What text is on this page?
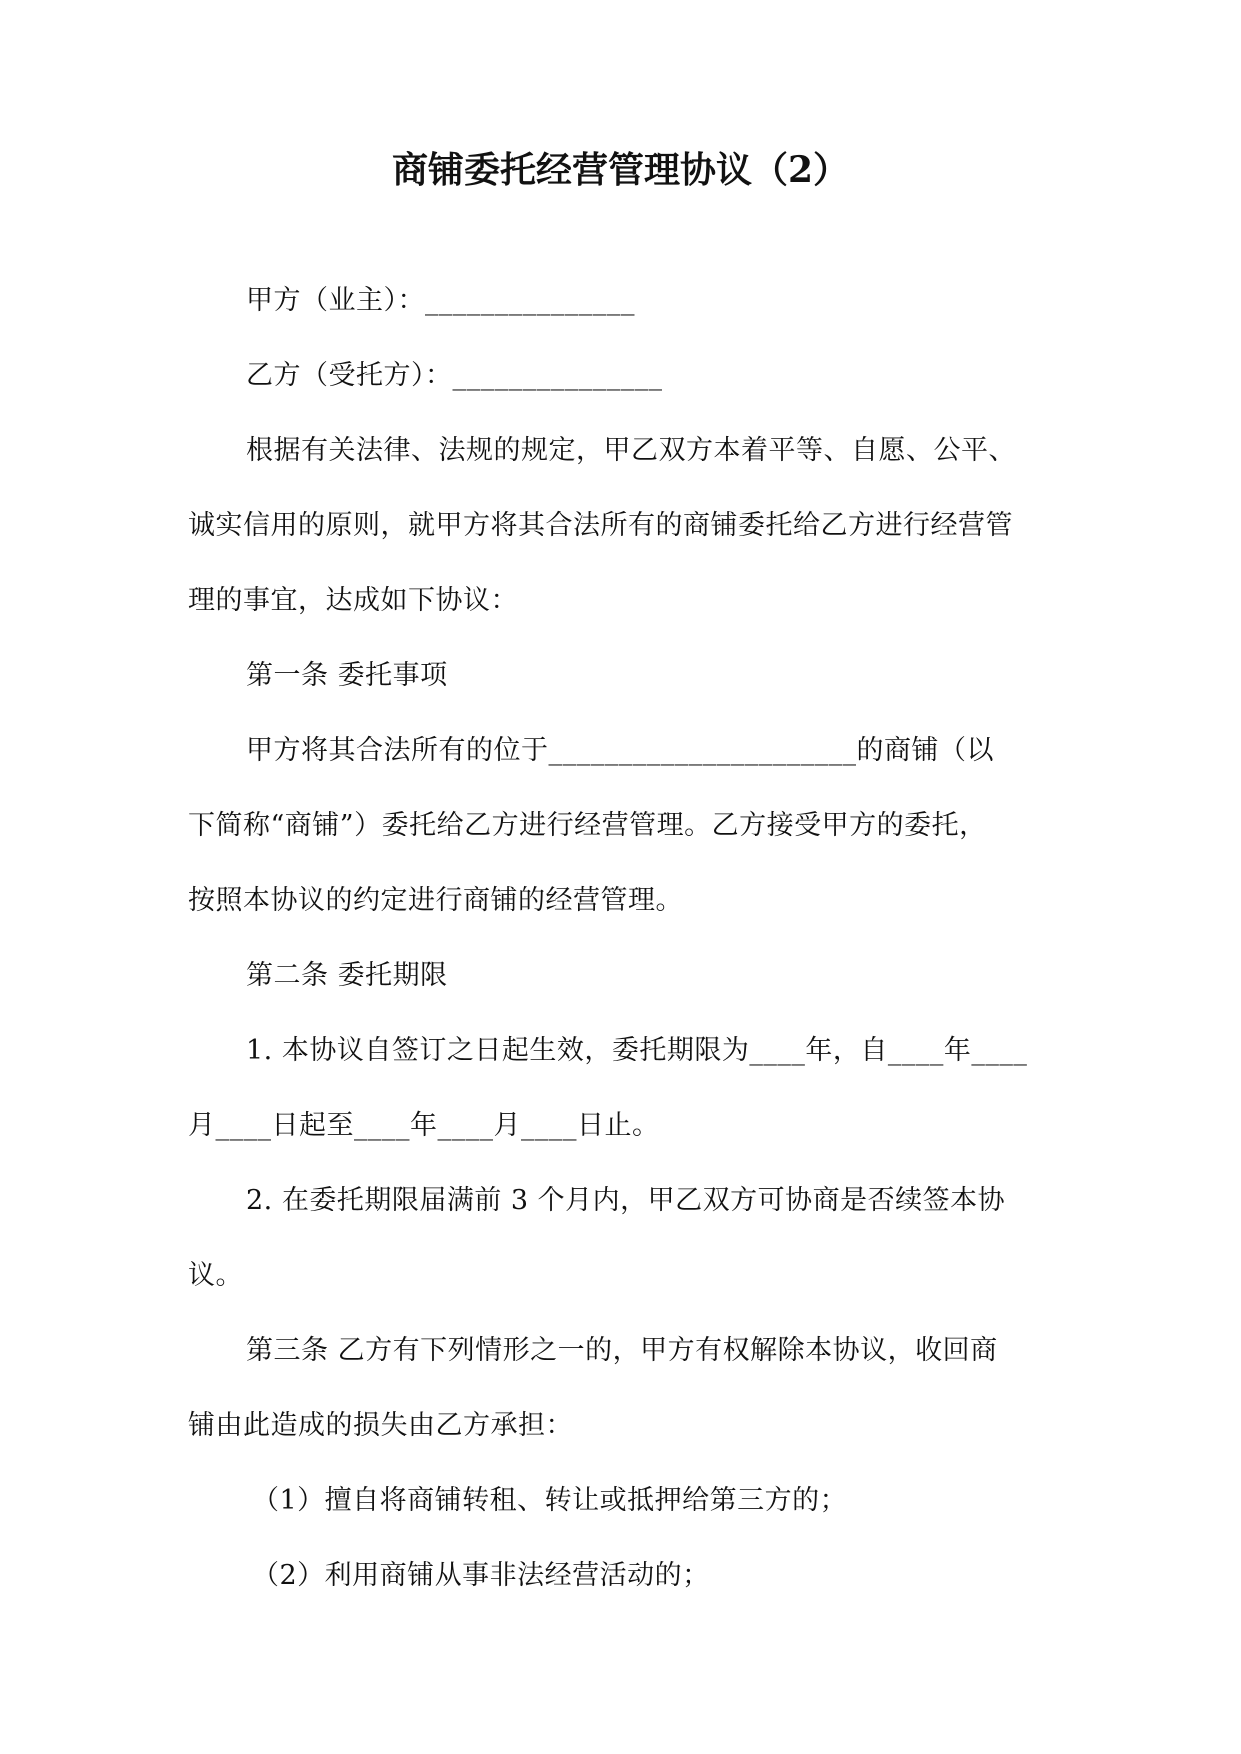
商铺委托经营管理协议（2）
甲方（业主）：_______________
乙方（受托方）：_______________
根据有关法律、法规的规定，甲乙双方本着平等、自愿、公平、
诚实信用的原则，就甲方将其合法所有的商铺委托给乙方进行经营管
理的事宜，达成如下协议：
第一条 委托事项
甲方将其合法所有的位于______________________的商铺（以
下简称“商铺”）委托给乙方进行经营管理。乙方接受甲方的委托，
按照本协议的约定进行商铺的经营管理。
第二条 委托期限
1. 本协议自签订之日起生效，委托期限为____年，自____年____
月____日起至____年____月____日止。
2. 在委托期限届满前 3 个月内，甲乙双方可协商是否续签本协
议。
第三条 乙方有下列情形之一的，甲方有权解除本协议，收回商
铺由此造成的损失由乙方承担：
（1）擅自将商铺转租、转让或抵押给第三方的；
（2）利用商铺从事非法经营活动的；
